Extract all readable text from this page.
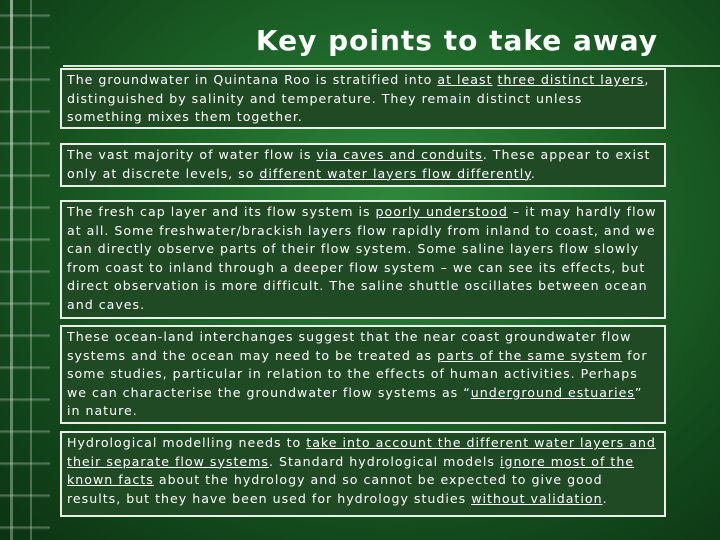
Key points to take away

The groundwater in Quintana Roo is stratified into at least three distinct layers, distinguished by salinity and temperature. They remain distinct unless something mixes them together.

The vast majority of water flow is via caves and conduits. These appear to exist only at discrete levels, so different water layers flow differently.

The fresh cap layer and its flow system is poorly understood – it may hardly flow at all. Some freshwater/brackish layers flow rapidly from inland to coast, and we can directly observe parts of their flow system. Some saline layers flow slowly from coast to inland through a deeper flow system – we can see its effects, but direct observation is more difficult. The saline shuttle oscillates between ocean and caves.

These ocean-land interchanges suggest that the near coast groundwater flow systems and the ocean may need to be treated as parts of the same system for some studies, particular in relation to the effects of human activities. Perhaps we can characterise the groundwater flow systems as “underground estuaries” in nature.

Hydrological modelling needs to take into account the different water layers and their separate flow systems. Standard hydrological models ignore most of the known facts about the hydrology and so cannot be expected to give good results, but they have been used for hydrology studies without validation.
